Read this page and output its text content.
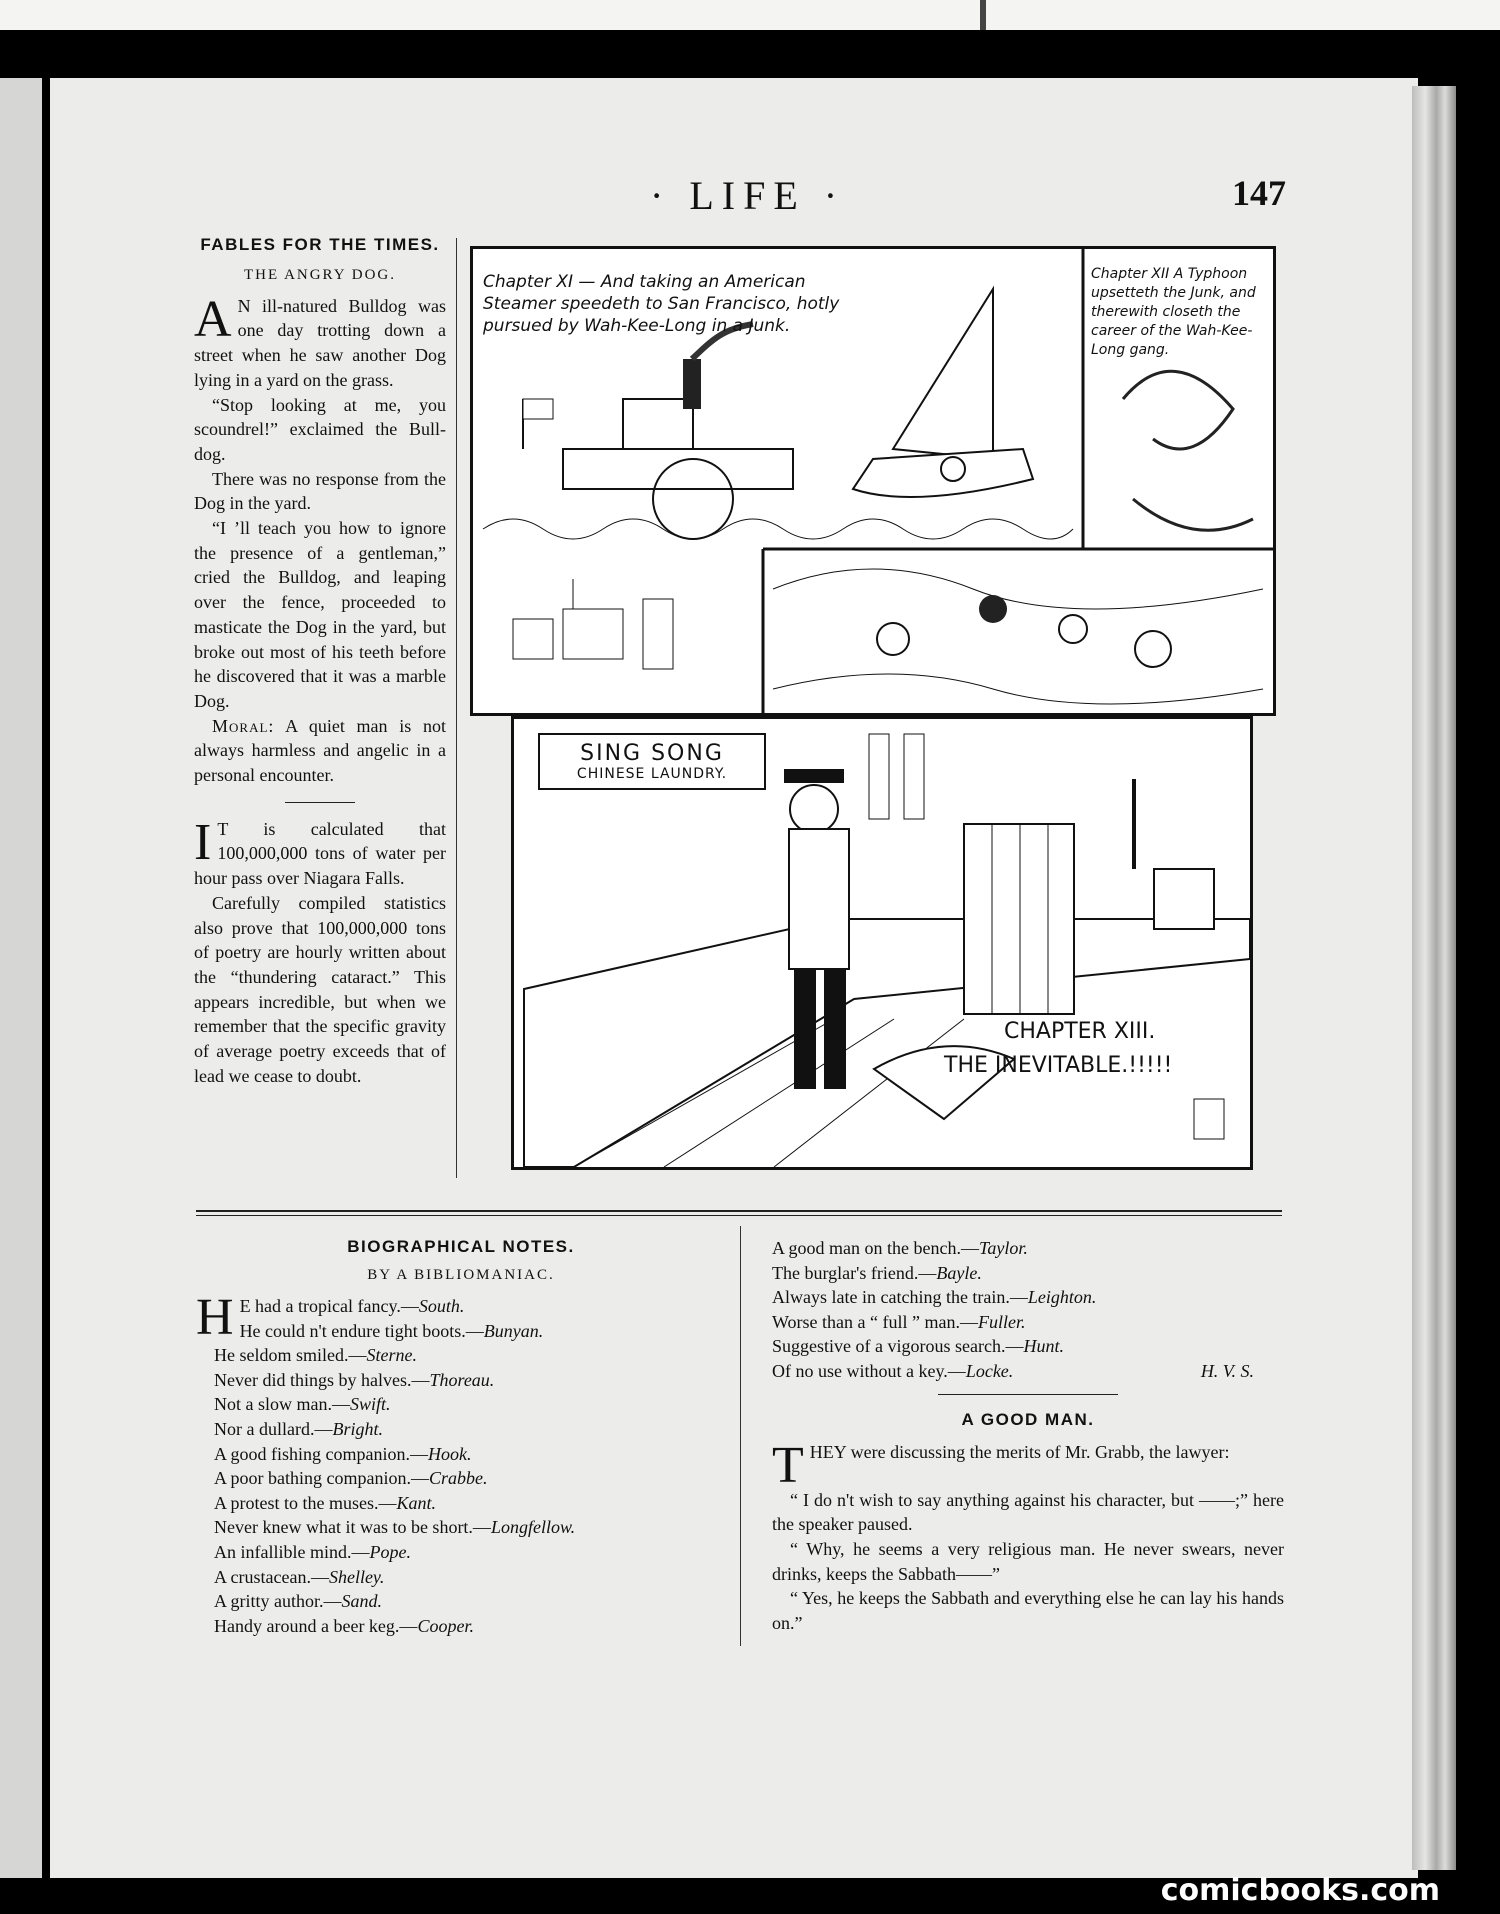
· LIFE ·	147
FABLES FOR THE TIMES.
THE ANGRY DOG.

A N ill-natured Bulldog was one day trotting down a street when he saw another Dog lying in a yard on the grass.

“Stop looking at me, you scoundrel!” exclaimed the Bull-dog.

There was no response from the Dog in the yard.

“I ’ll teach you how to ignore the presence of a gentleman,” cried the Bulldog, and leaping over the fence, proceeded to masticate the Dog in the yard, but broke out most of his teeth before he discovered that it was a marble Dog.

Moral: A quiet man is not always harmless and angelic in a personal encounter.

I T is calculated that 100,000,000 tons of water per hour pass over Niagara Falls.

Carefully compiled statistics also prove that 100,000,000 tons of poetry are hourly written about the “thundering cataract.” This appears incredible, but when we remember that the specific gravity of average poetry exceeds that of lead we cease to doubt.

Chapter XI — And taking an American Steamer speedeth to San Francisco, hotly pursued by Wah-Kee-Long in a Junk.
Chapter XII A Typhoon upsetteth the Junk, and therewith closeth the career of the Wah-Kee-Long gang.
SING SONG
CHINESE LAUNDRY.
CHAPTER XIII.
THE INEVITABLE.!!!!!
BIOGRAPHICAL NOTES.
BY A BIBLIOMANIAC.
H E had a tropical fancy.—South.
He could n't endure tight boots.—Bunyan.
He seldom smiled.—Sterne.
Never did things by halves.—Thoreau.
Not a slow man.—Swift.
Nor a dullard.—Bright.
A good fishing companion.—Hook.
A poor bathing companion.—Crabbe.
A protest to the muses.—Kant.
Never knew what it was to be short.—Longfellow.
An infallible mind.—Pope.
A crustacean.—Shelley.
A gritty author.—Sand.
Handy around a beer keg.—Cooper.
A good man on the bench.—Taylor.
The burglar's friend.—Bayle.
Always late in catching the train.—Leighton.
Worse than a “ full ” man.—Fuller.
Suggestive of a vigorous search.—Hunt.
Of no use without a key.—Locke.	H. V. S.
A GOOD MAN.

THEY were discussing the merits of Mr. Grabb, the lawyer:

“ I do n't wish to say anything against his character, but ——;” here the speaker paused.

“ Why, he seems a very religious man. He never swears, never drinks, keeps the Sabbath——”

“ Yes, he keeps the Sabbath and everything else he can lay his hands on.”

comicbooks.com
